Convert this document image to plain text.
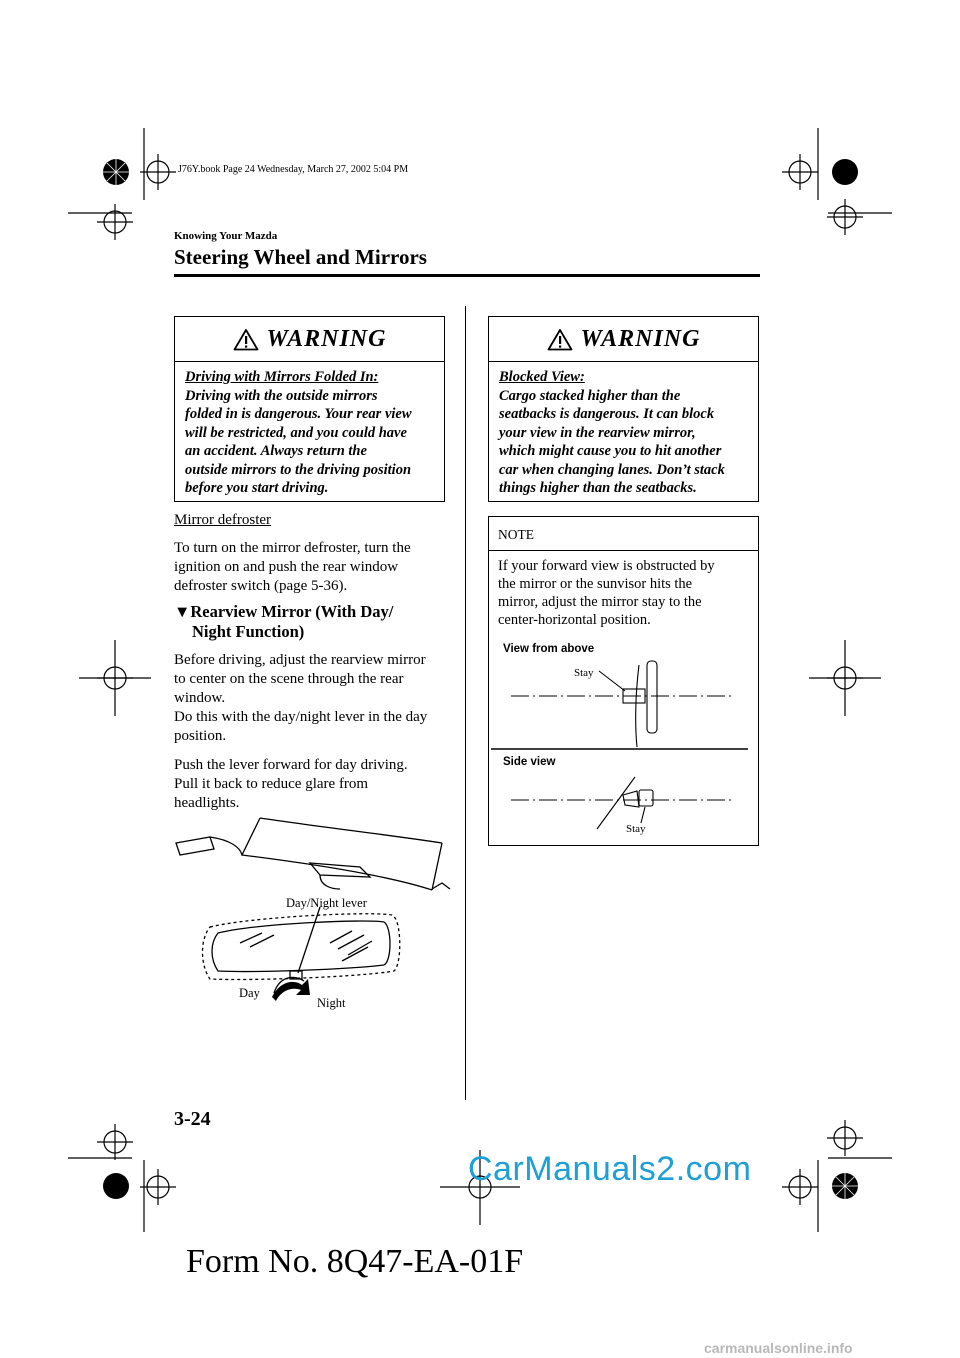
J76Y.book Page 24 Wednesday, March 27, 2002 5:04 PM
Knowing Your Mazda
Steering Wheel and Mirrors
WARNING
Driving with Mirrors Folded In:
Driving with the outside mirrors
folded in is dangerous. Your rear view
will be restricted, and you could have
an accident. Always return the
outside mirrors to the driving position
before you start driving.
Mirror defroster
To turn on the mirror defroster, turn the
ignition on and push the rear window
defroster switch (page 5-36).
▼Rearview Mirror (With Day/
Night Function)
Before driving, adjust the rearview mirror
to center on the scene through the rear
window.
Do this with the day/night lever in the day
position.
Push the lever forward for day driving.
Pull it back to reduce glare from
headlights.
Day/Night lever
Day
Night
WARNING
Blocked View:
Cargo stacked higher than the
seatbacks is dangerous. It can block
your view in the rearview mirror,
which might cause you to hit another
car when changing lanes. Don’t stack
things higher than the seatbacks.
NOTE
If your forward view is obstructed by
the mirror or the sunvisor hits the
mirror, adjust the mirror stay to the
center-horizontal position.
View from above
Stay
Side view
Stay
3-24
CarManuals2.com
Form No. 8Q47-EA-01F
carmanualsonline.info
